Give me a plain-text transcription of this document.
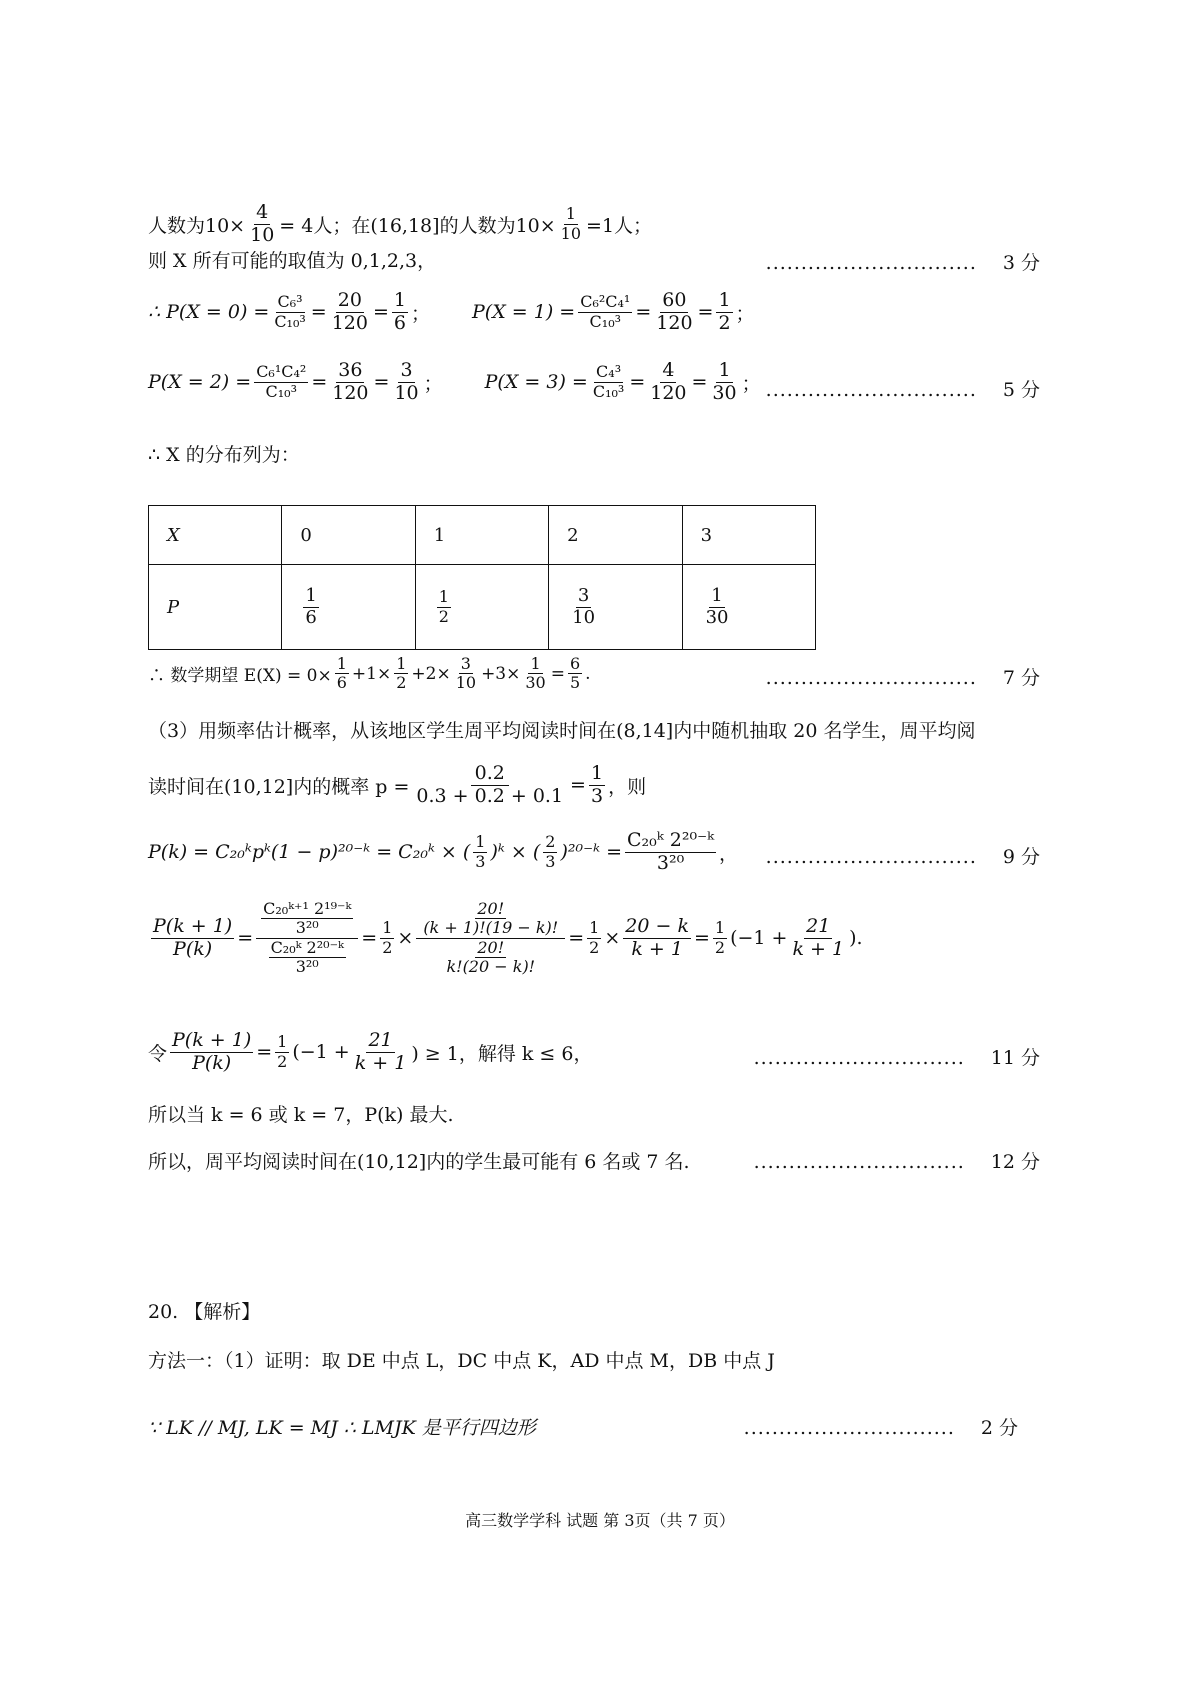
人数为$10\times \frac{4}{10} = 4$人；在(16,18]的人数为$10\times \frac{1}{10} =1$人；
则 X 所有可能的取值为 0,1,2,3，	.............................. 3 分
∴ $P(X = 0) = \frac{\text{C₆³}}{\text{C₁₀³}} = \frac{20}{120} = \frac{1}{6}$ ； $P(X = 1) = \frac{\text{C₆²C₄¹}}{\text{C₁₀³}} = \frac{60}{120} = \frac{1}{2}$ ；
$P(X = 2) = \frac{\text{C₆¹C₄²}}{\text{C₁₀³}} = \frac{36}{120} = \frac{3}{10}$ ； $P(X = 3) = \frac{\text{C₄³}}{\text{C₁₀³}} = \frac{4}{120} = \frac{1}{30}$ ； .............................. 5 分
∴ X 的分布列为：
X	0	1	2	3
P	$\frac{1}{6}$	$\frac{1}{2}$	$\frac{3}{10}$	$\frac{1}{30}$
∴ 数学期望 $E(X) = 0\times \frac{1}{6} +1\times \frac{1}{2} +2\times \frac{3}{10} +3\times \frac{1}{30} = \frac{6}{5}$ .	.............................. 7 分
（3）用频率估计概率，从该地区学生周平均阅读时间在(8,14]内中随机抽取 20 名学生，周平均阅
读时间在(10,12]内的概率 $p = \frac{0.2}{0.3 + 0.2 + 0.1} = \frac{1}{3}$ ，则
P(k) = C₂₀ᵏpᵏ(1 − p)²⁰⁻ᵏ = C₂₀ᵏ × ( $\frac{1}{3}$ )ᵏ × ( $\frac{2}{3}$ )²⁰⁻ᵏ = $\frac{\text{C₂₀ᵏ 2²⁰⁻ᵏ}}{\text{3²⁰}}$ ， .............................. 9 分
$\frac{P(k + 1)}{P(k)} = \frac{\frac{\text{C₂₀ᵏ⁺¹ 2¹⁹⁻ᵏ}}{\text{3²⁰}}}{\frac{\text{C₂₀ᵏ 2²⁰⁻ᵏ}}{\text{3²⁰}}} = \frac{1}{2} \times \frac{\frac{20!}{(k + 1)!(19 - k)!}}{\frac{20!}{k!(20 - k)!}} = \frac{1}{2} \times \frac{20 - k}{k + 1} = \frac{1}{2} (-1 + \frac{21}{k + 1}$ ).
令 $\frac{P(k + 1)}{P(k)} = \frac{1}{2} (-1 + \frac{21}{k + 1}$ ) ≥ 1，解得 k ≤ 6，	.............................. 11 分
所以当 k = 6 或 k = 7，P(k) 最大.
所以，周平均阅读时间在(10,12]内的学生最可能有 6 名或 7 名.	.............................. 12 分
20. 【解析】
方法一：（1）证明：取 DE 中点 L，DC 中点 K，AD 中点 M，DB 中点 J
∵ LK // MJ, LK = MJ ∴ LMJK 是平行四边形	.............................. 2 分
高三数学学科 试题 第 3页（共 7 页）
